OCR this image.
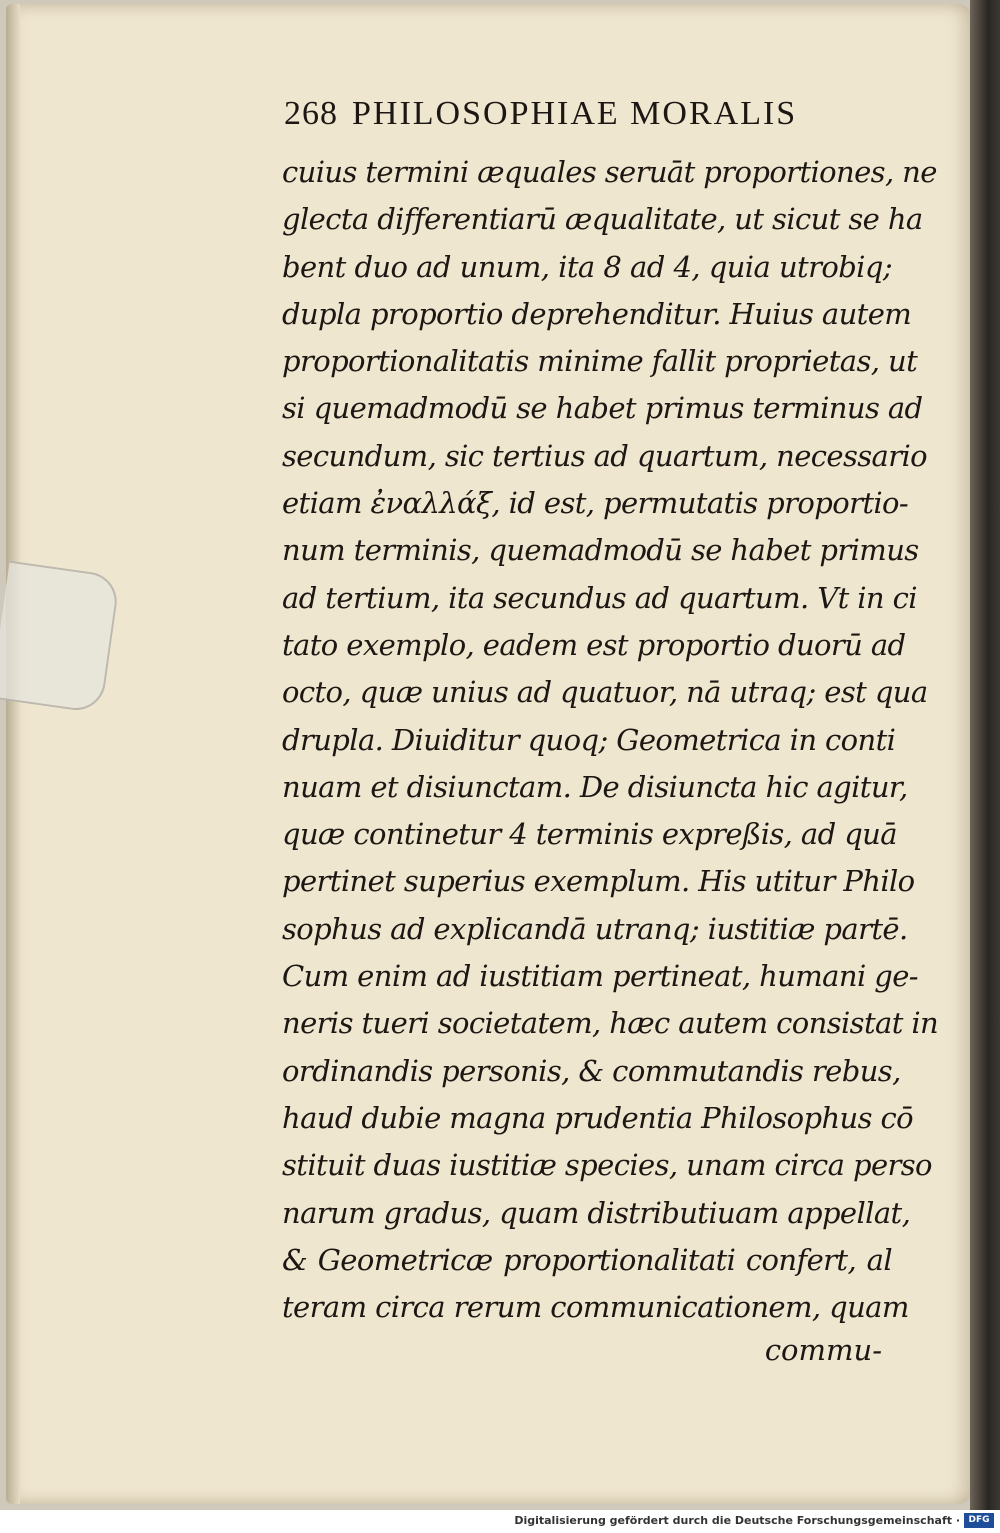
268 PHILOSOPHIAE MORALIS
cuius termini æquales seruāt proportiones, ne
glecta differentiarū æqualitate, ut sicut se ha
bent duo ad unum, ita 8 ad 4, quia utrobiq;
dupla proportio deprehenditur. Huius autem
proportionalitatis minime fallit proprietas, ut
si quemadmodū se habet primus terminus ad
secundum, sic tertius ad quartum, necessario
etiam ἐναλλάξ, id est, permutatis proportio-
num terminis, quemadmodū se habet primus
ad tertium, ita secundus ad quartum. Vt in ci
tato exemplo, eadem est proportio duorū ad
octo, quæ unius ad quatuor, nā utraq; est qua
drupla. Diuiditur quoq; Geometrica in conti
nuam et disiunctam. De disiuncta hic agitur,
quæ continetur 4 terminis expreßis, ad quā
pertinet superius exemplum. His utitur Philo
sophus ad explicandā utranq; iustitiæ partē.
Cum enim ad iustitiam pertineat, humani ge-
neris tueri societatem, hæc autem consistat in
ordinandis personis, & commutandis rebus,
haud dubie magna prudentia Philosophus cō
stituit duas iustitiæ species, unam circa perso
narum gradus, quam distributiuam appellat,
& Geometricæ proportionalitati confert, al
teram circa rerum communicationem, quam
commu-
Digitalisierung gefördert durch die Deutsche Forschungsgemeinschaft · DFG
